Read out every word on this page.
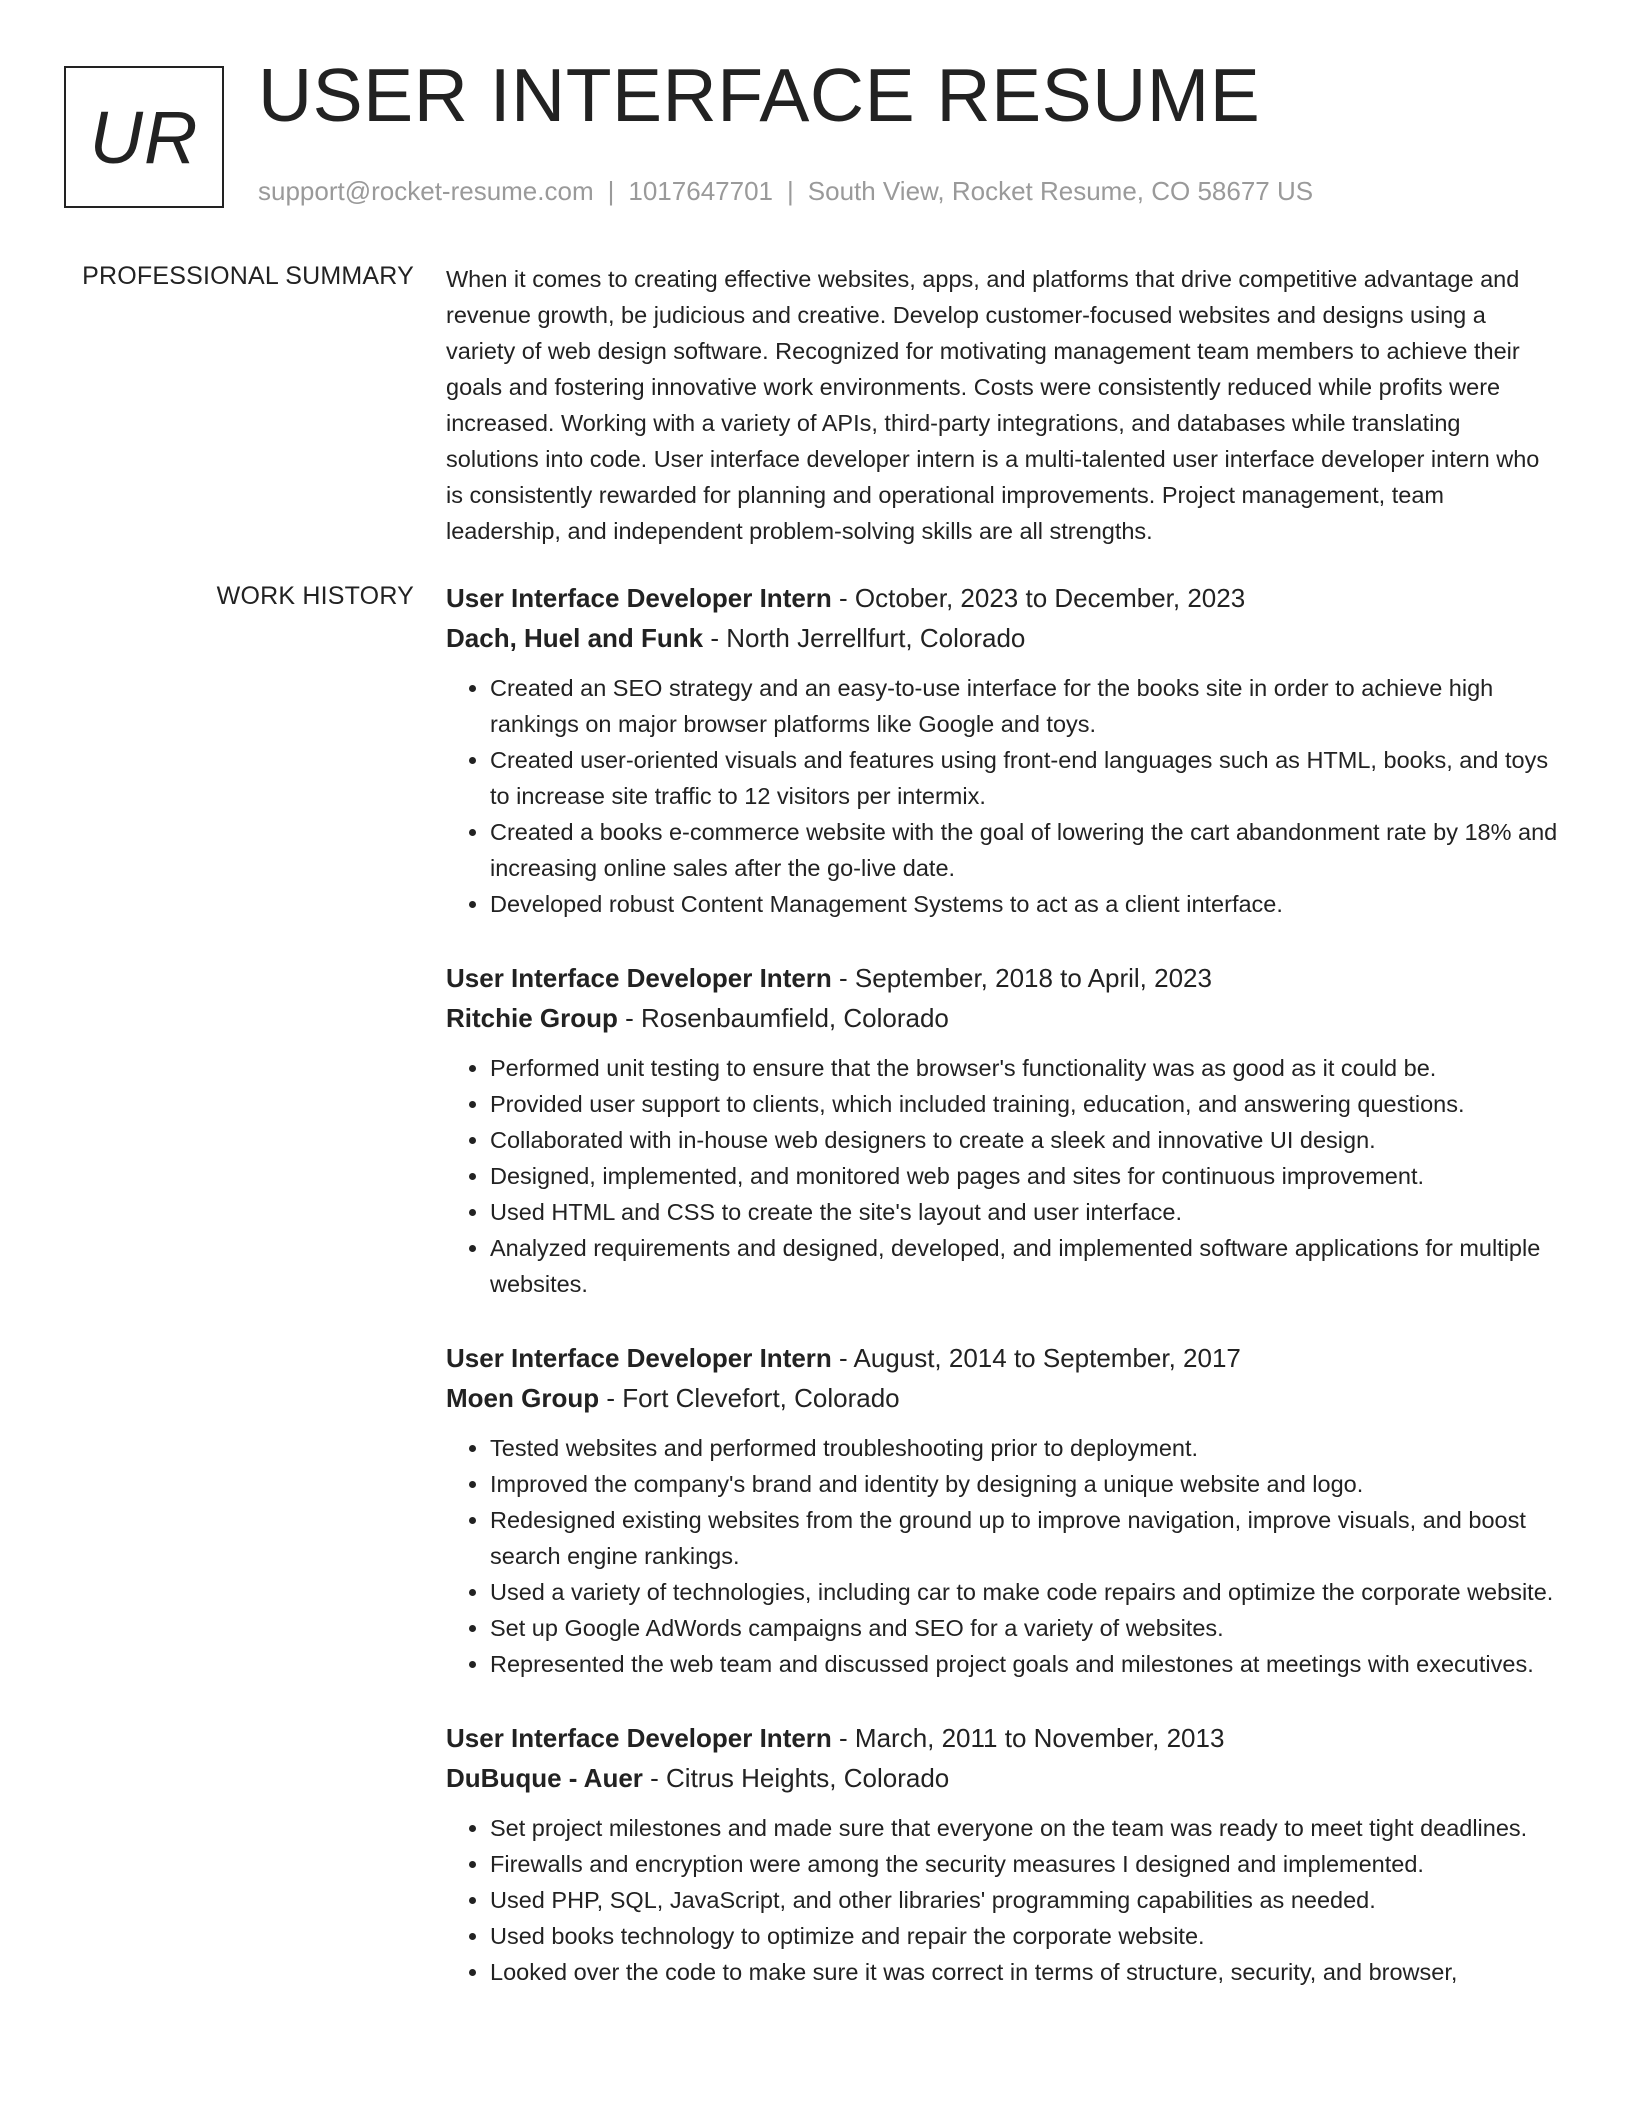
UR USER INTERFACE RESUME
support@rocket-resume.com | 1017647701 | South View, Rocket Resume, CO 58677 US
PROFESSIONAL SUMMARY When it comes to creating effective websites, apps, and platforms that drive competitive advantage and revenue growth, be judicious and creative. Develop customer-focused websites and designs using a variety of web design software. Recognized for motivating management team members to achieve their goals and fostering innovative work environments. Costs were consistently reduced while profits were increased. Working with a variety of APIs, third-party integrations, and databases while translating solutions into code. User interface developer intern is a multi-talented user interface developer intern who is consistently rewarded for planning and operational improvements. Project management, team leadership, and independent problem-solving skills are all strengths.

WORK HISTORY User Interface Developer Intern - October, 2023 to December, 2023
Dach, Huel and Funk - North Jerrellfurt, Colorado
• Created an SEO strategy and an easy-to-use interface for the books site in order to achieve high rankings on major browser platforms like Google and toys.
• Created user-oriented visuals and features using front-end languages such as HTML, books, and toys to increase site traffic to 12 visitors per intermix.
• Created a books e-commerce website with the goal of lowering the cart abandonment rate by 18% and increasing online sales after the go-live date.
• Developed robust Content Management Systems to act as a client interface.
User Interface Developer Intern - September, 2018 to April, 2023
Ritchie Group - Rosenbaumfield, Colorado
• Performed unit testing to ensure that the browser's functionality was as good as it could be.
• Provided user support to clients, which included training, education, and answering questions.
• Collaborated with in-house web designers to create a sleek and innovative UI design.
• Designed, implemented, and monitored web pages and sites for continuous improvement.
• Used HTML and CSS to create the site's layout and user interface.
• Analyzed requirements and designed, developed, and implemented software applications for multiple websites.
User Interface Developer Intern - August, 2014 to September, 2017
Moen Group - Fort Clevefort, Colorado
• Tested websites and performed troubleshooting prior to deployment.
• Improved the company's brand and identity by designing a unique website and logo.
• Redesigned existing websites from the ground up to improve navigation, improve visuals, and boost search engine rankings.
• Used a variety of technologies, including car to make code repairs and optimize the corporate website.
• Set up Google AdWords campaigns and SEO for a variety of websites.
• Represented the web team and discussed project goals and milestones at meetings with executives.
User Interface Developer Intern - March, 2011 to November, 2013
DuBuque - Auer - Citrus Heights, Colorado
• Set project milestones and made sure that everyone on the team was ready to meet tight deadlines.
• Firewalls and encryption were among the security measures I designed and implemented.
• Used PHP, SQL, JavaScript, and other libraries' programming capabilities as needed.
• Used books technology to optimize and repair the corporate website.
• Looked over the code to make sure it was correct in terms of structure, security, and browser,
